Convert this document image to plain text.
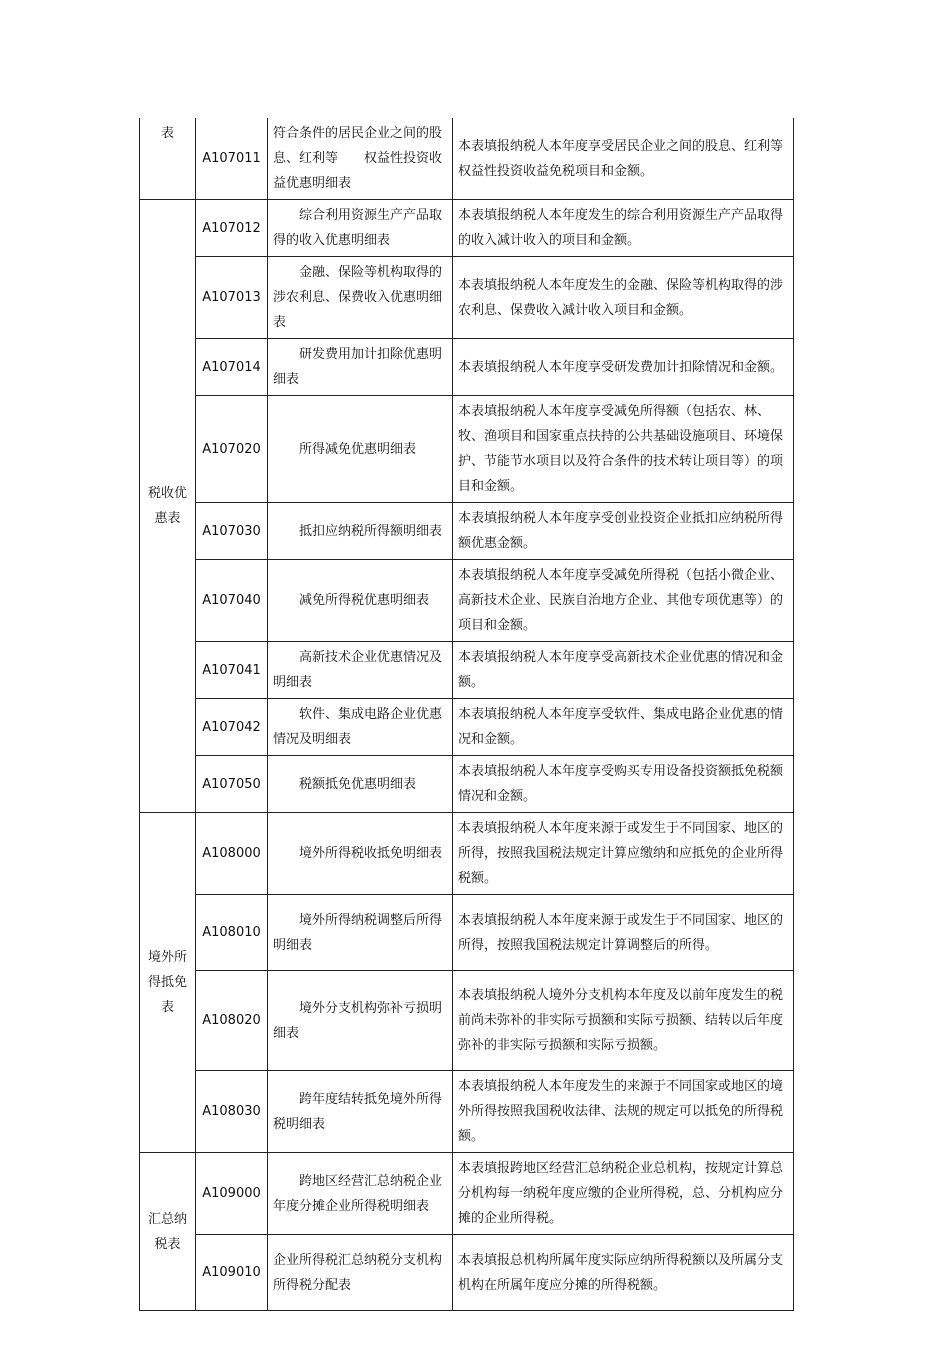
表	A107011	符合条件的居民企业之间的股息、红利等　　权益性投资收益优惠明细表	本表填报纳税人本年度享受居民企业之间的股息、红利等权益性投资收益免税项目和金额。
税收优惠表	A107012	综合利用资源生产产品取得的收入优惠明细表	本表填报纳税人本年度发生的综合利用资源生产产品取得的收入减计收入的项目和金额。
	A107013	金融、保险等机构取得的涉农利息、保费收入优惠明细表	本表填报纳税人本年度发生的金融、保险等机构取得的涉农利息、保费收入减计收入项目和金额。
	A107014	研发费用加计扣除优惠明细表	本表填报纳税人本年度享受研发费加计扣除情况和金额。
	A107020	所得减免优惠明细表	本表填报纳税人本年度享受减免所得额（包括农、林、牧、渔项目和国家重点扶持的公共基础设施项目、环境保护、节能节水项目以及符合条件的技术转让项目等）的项目和金额。
	A107030	抵扣应纳税所得额明细表	本表填报纳税人本年度享受创业投资企业抵扣应纳税所得额优惠金额。
	A107040	减免所得税优惠明细表	本表填报纳税人本年度享受减免所得税（包括小微企业、高新技术企业、民族自治地方企业、其他专项优惠等）的项目和金额。
	A107041	高新技术企业优惠情况及明细表	本表填报纳税人本年度享受高新技术企业优惠的情况和金额。
	A107042	软件、集成电路企业优惠情况及明细表	本表填报纳税人本年度享受软件、集成电路企业优惠的情况和金额。
	A107050	税额抵免优惠明细表	本表填报纳税人本年度享受购买专用设备投资额抵免税额情况和金额。
境外所得抵免表	A108000	境外所得税收抵免明细表	本表填报纳税人本年度来源于或发生于不同国家、地区的所得，按照我国税法规定计算应缴纳和应抵免的企业所得税额。
	A108010	境外所得纳税调整后所得明细表	本表填报纳税人本年度来源于或发生于不同国家、地区的所得，按照我国税法规定计算调整后的所得。
	A108020	境外分支机构弥补亏损明细表	本表填报纳税人境外分支机构本年度及以前年度发生的税前尚未弥补的非实际亏损额和实际亏损额、结转以后年度弥补的非实际亏损额和实际亏损额。
	A108030	跨年度结转抵免境外所得税明细表	本表填报纳税人本年度发生的来源于不同国家或地区的境外所得按照我国税收法律、法规的规定可以抵免的所得税额。
汇总纳税表	A109000	跨地区经营汇总纳税企业年度分摊企业所得税明细表	本表填报跨地区经营汇总纳税企业总机构，按规定计算总分机构每一纳税年度应缴的企业所得税，总、分机构应分摊的企业所得税。
	A109010	企业所得税汇总纳税分支机构所得税分配表	本表填报总机构所属年度实际应纳所得税额以及所属分支机构在所属年度应分摊的所得税额。
